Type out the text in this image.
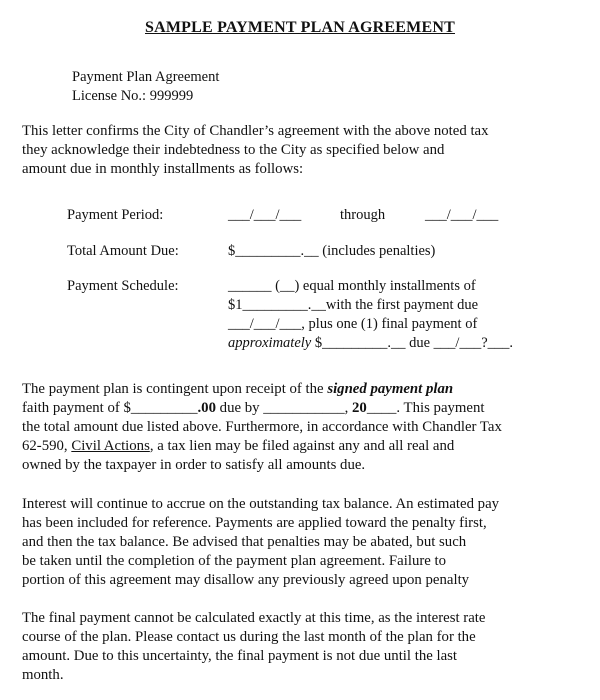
SAMPLE PAYMENT PLAN AGREEMENT
Payment Plan Agreement
License No.: 999999
This letter confirms the City of Chandler’s agreement with the above noted tax
they acknowledge their indebtedness to the City as specified below and
amount due in monthly installments as follows:
Payment Period:	___/___/___	through	___/___/___
Total Amount Due:	$_________.__ (includes penalties)
Payment Schedule:	______ (__) equal monthly installments of
$1_________.__with the first payment due
___/___/___, plus one (1) final payment of
approximately $_________.__ due ___/___?___.
The payment plan is contingent upon receipt of the signed payment plan
faith payment of $_________.00 due by ___________, 20____. This payment
the total amount due listed above. Furthermore, in accordance with Chandler Tax
62-590, Civil Actions, a tax lien may be filed against any and all real and
owned by the taxpayer in order to satisfy all amounts due.
Interest will continue to accrue on the outstanding tax balance. An estimated pay
has been included for reference. Payments are applied toward the penalty first,
and then the tax balance. Be advised that penalties may be abated, but such
be taken until the completion of the payment plan agreement. Failure to
portion of this agreement may disallow any previously agreed upon penalty
The final payment cannot be calculated exactly at this time, as the interest rate
course of the plan. Please contact us during the last month of the plan for the
amount. Due to this uncertainty, the final payment is not due until the last
month.
